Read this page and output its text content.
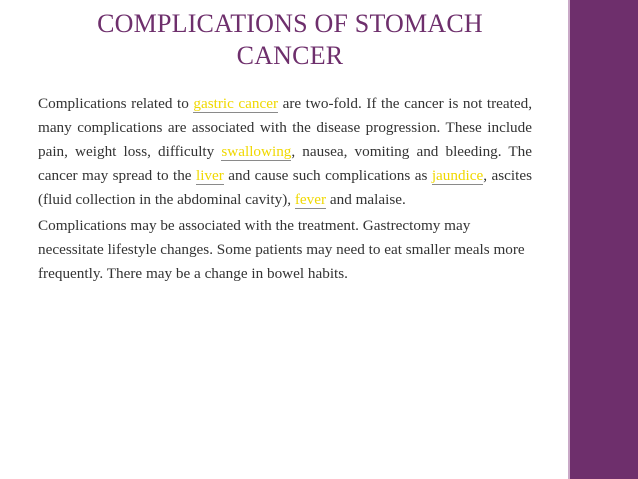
COMPLICATIONS OF STOMACH
CANCER

Complications related to gastric cancer are two-fold. If the cancer is not treated, many complications are associated with the disease progression. These include pain, weight loss, difficulty swallowing, nausea, vomiting and bleeding. The cancer may spread to the liver and cause such complications as jaundice, ascites (fluid collection in the abdominal cavity), fever and malaise.

Complications may be associated with the treatment. Gastrectomy may necessitate lifestyle changes. Some patients may need to eat smaller meals more frequently. There may be a change in bowel habits.
